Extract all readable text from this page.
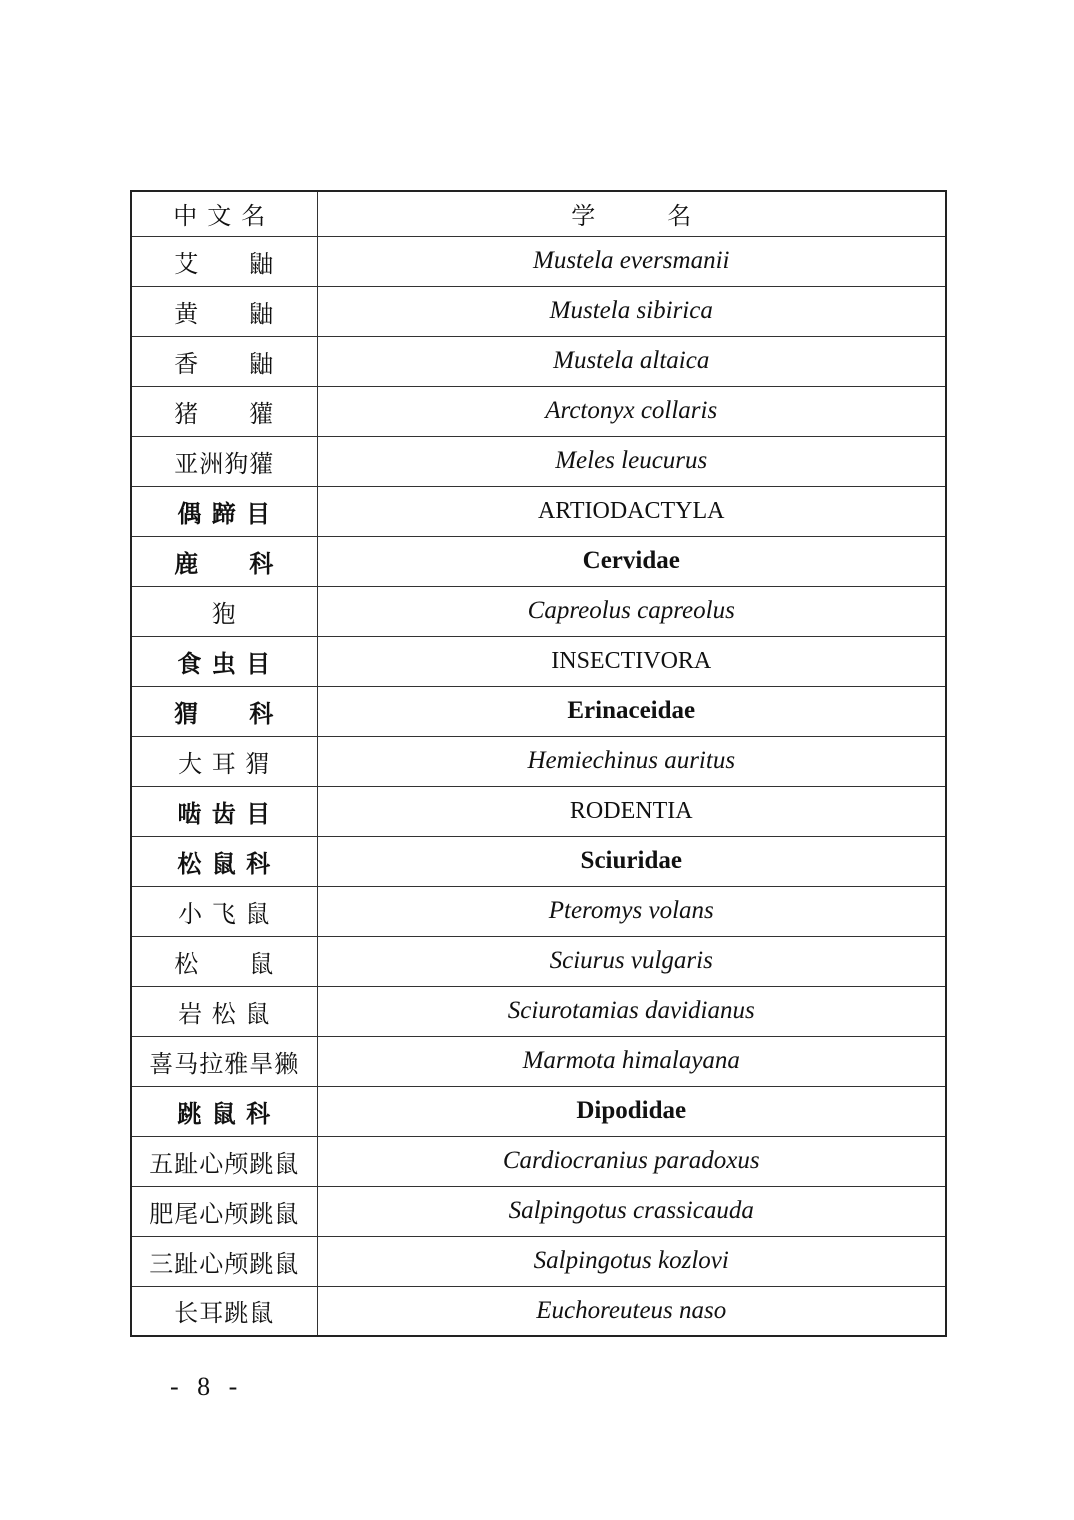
中文名	学　　　名
艾　　鼬	Mustela eversmanii
黄　　鼬	Mustela sibirica
香　　鼬	Mustela altaica
猪　　獾	Arctonyx collaris
亚洲狗獾	Meles leucurus
偶 蹄 目	ARTIODACTYLA
鹿　　科	Cervidae
狍	Capreolus capreolus
食 虫 目	INSECTIVORA
猬　　科	Erinaceidae
大 耳 猬	Hemiechinus auritus
啮 齿 目	RODENTIA
松 鼠 科	Sciuridae
小 飞 鼠	Pteromys volans
松　　鼠	Sciurus vulgaris
岩 松 鼠	Sciurotamias davidianus
喜马拉雅旱獭	Marmota himalayana
跳 鼠 科	Dipodidae
五趾心颅跳鼠	Cardiocranius paradoxus
肥尾心颅跳鼠	Salpingotus crassicauda
三趾心颅跳鼠	Salpingotus kozlovi
长耳跳鼠	Euchoreuteus naso
- 8 -
